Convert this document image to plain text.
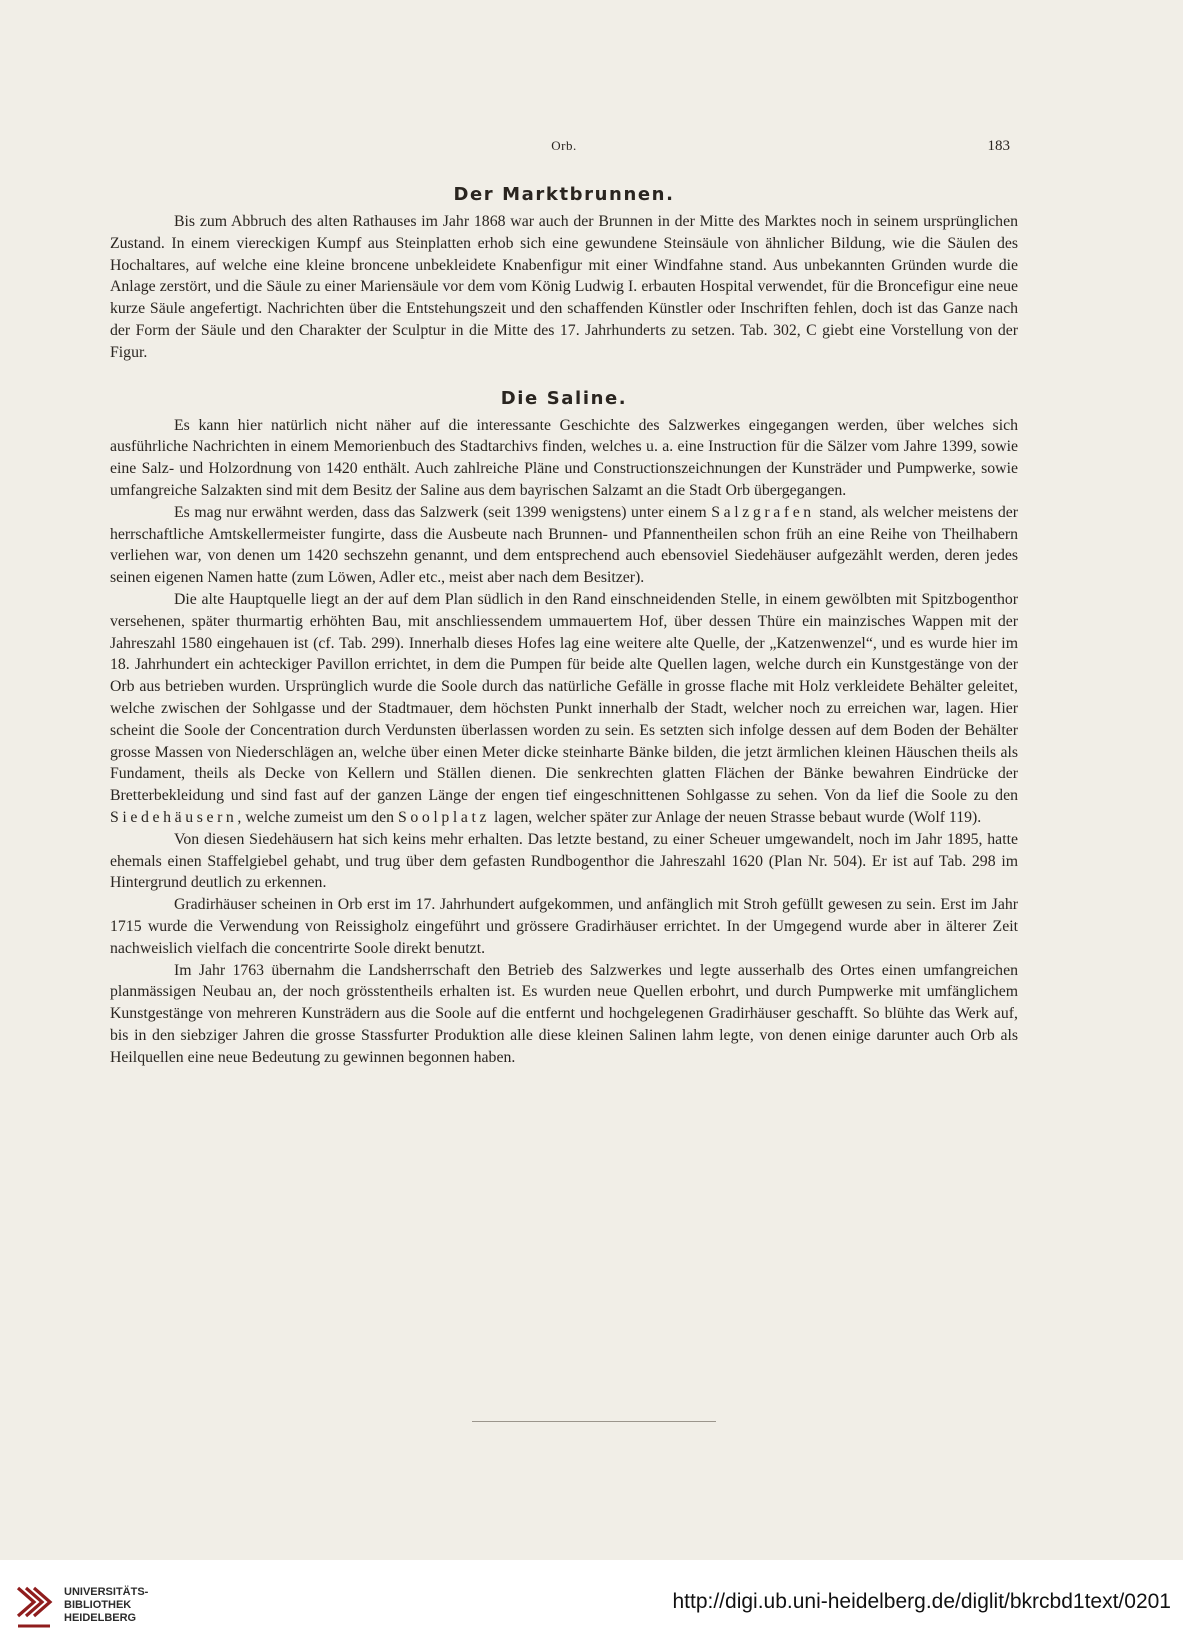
Orb.	183
Der Marktbrunnen.

Bis zum Abbruch des alten Rathauses im Jahr 1868 war auch der Brunnen in der Mitte des Marktes noch in seinem ursprünglichen Zustand. In einem viereckigen Kumpf aus Steinplatten erhob sich eine gewundene Steinsäule von ähnlicher Bildung, wie die Säulen des Hochaltares, auf welche eine kleine broncene unbekleidete Knabenfigur mit einer Windfahne stand. Aus unbekannten Gründen wurde die Anlage zerstört, und die Säule zu einer Mariensäule vor dem vom König Ludwig I. erbauten Hospital verwendet, für die Broncefigur eine neue kurze Säule angefertigt. Nachrichten über die Entstehungszeit und den schaffenden Künstler oder Inschriften fehlen, doch ist das Ganze nach der Form der Säule und den Charakter der Sculptur in die Mitte des 17. Jahrhunderts zu setzen. Tab. 302, C giebt eine Vorstellung von der Figur.

Die Saline.

Es kann hier natürlich nicht näher auf die interessante Geschichte des Salzwerkes eingegangen werden, über welches sich ausführliche Nachrichten in einem Memorienbuch des Stadtarchivs finden, welches u. a. eine Instruction für die Sälzer vom Jahre 1399, sowie eine Salz- und Holzordnung von 1420 enthält. Auch zahlreiche Pläne und Constructionszeichnungen der Kunsträder und Pumpwerke, sowie umfangreiche Salzakten sind mit dem Besitz der Saline aus dem bayrischen Salzamt an die Stadt Orb übergegangen.

Es mag nur erwähnt werden, dass das Salzwerk (seit 1399 wenigstens) unter einem Salzgrafen stand, als welcher meistens der herrschaftliche Amtskellermeister fungirte, dass die Ausbeute nach Brunnen- und Pfannentheilen schon früh an eine Reihe von Theilhabern verliehen war, von denen um 1420 sechszehn genannt, und dem entsprechend auch ebensoviel Siedehäuser aufgezählt werden, deren jedes seinen eigenen Namen hatte (zum Löwen, Adler etc., meist aber nach dem Besitzer).

Die alte Hauptquelle liegt an der auf dem Plan südlich in den Rand einschneidenden Stelle, in einem gewölbten mit Spitzbogenthor versehenen, später thurmartig erhöhten Bau, mit anschliessendem ummauertem Hof, über dessen Thüre ein mainzisches Wappen mit der Jahreszahl 1580 eingehauen ist (cf. Tab. 299). Innerhalb dieses Hofes lag eine weitere alte Quelle, der „Katzenwenzel“, und es wurde hier im 18. Jahrhundert ein achteckiger Pavillon errichtet, in dem die Pumpen für beide alte Quellen lagen, welche durch ein Kunstgestänge von der Orb aus betrieben wurden. Ursprünglich wurde die Soole durch das natürliche Gefälle in grosse flache mit Holz verkleidete Behälter geleitet, welche zwischen der Sohlgasse und der Stadtmauer, dem höchsten Punkt innerhalb der Stadt, welcher noch zu erreichen war, lagen. Hier scheint die Soole der Concentration durch Verdunsten überlassen worden zu sein. Es setzten sich infolge dessen auf dem Boden der Behälter grosse Massen von Niederschlägen an, welche über einen Meter dicke steinharte Bänke bilden, die jetzt ärmlichen kleinen Häuschen theils als Fundament, theils als Decke von Kellern und Ställen dienen. Die senkrechten glatten Flächen der Bänke bewahren Eindrücke der Bretterbekleidung und sind fast auf der ganzen Länge der engen tief eingeschnittenen Sohlgasse zu sehen. Von da lief die Soole zu den Siedehäusern, welche zumeist um den Soolplatz lagen, welcher später zur Anlage der neuen Strasse bebaut wurde (Wolf 119).

Von diesen Siedehäusern hat sich keins mehr erhalten. Das letzte bestand, zu einer Scheuer umgewandelt, noch im Jahr 1895, hatte ehemals einen Staffelgiebel gehabt, und trug über dem gefasten Rundbogenthor die Jahreszahl 1620 (Plan Nr. 504). Er ist auf Tab. 298 im Hintergrund deutlich zu erkennen.

Gradirhäuser scheinen in Orb erst im 17. Jahrhundert aufgekommen, und anfänglich mit Stroh gefüllt gewesen zu sein. Erst im Jahr 1715 wurde die Verwendung von Reissigholz eingeführt und grössere Gradirhäuser errichtet. In der Umgegend wurde aber in älterer Zeit nachweislich vielfach die concentrirte Soole direkt benutzt.

Im Jahr 1763 übernahm die Landsherrschaft den Betrieb des Salzwerkes und legte ausserhalb des Ortes einen umfangreichen planmässigen Neubau an, der noch grösstentheils erhalten ist. Es wurden neue Quellen erbohrt, und durch Pumpwerke mit umfänglichem Kunstgestänge von mehreren Kunsträdern aus die Soole auf die entfernt und hochgelegenen Gradirhäuser geschafft. So blühte das Werk auf, bis in den siebziger Jahren die grosse Stassfurter Produktion alle diese kleinen Salinen lahm legte, von denen einige darunter auch Orb als Heilquellen eine neue Bedeutung zu gewinnen begonnen haben.

UNIVERSITÄTS-
BIBLIOTHEK
HEIDELBERG
http://digi.ub.uni-heidelberg.de/diglit/bkrcbd1text/0201
